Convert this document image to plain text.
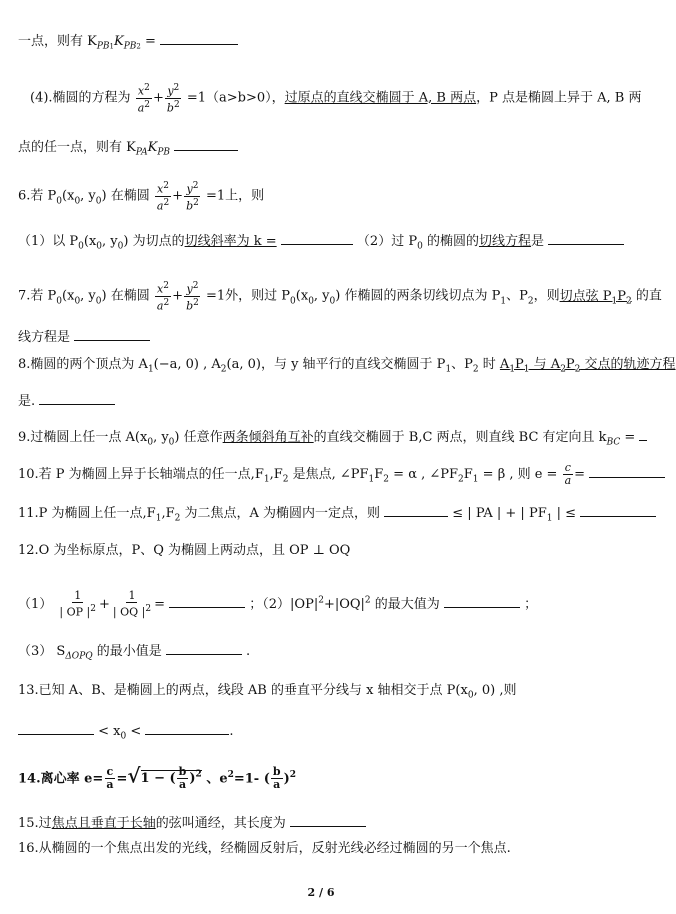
一点，则有 $K_{PB1}K_{PB2}$ =
(4).椭圆的方程为 $\frac{x^2}{a^2} + \frac{y^2}{b^2} =1(a>b>0)$，过原点的直线交椭圆于 A, B 两点，P 点是椭圆上异于 A, B 两
点的任一点，则有 $K_{PA}K_{PB}$
6.若 $P_0(x_0$, $y_0$) 在椭圆 $\frac{x^2}{a^2} + \frac{y^2}{b^2} =1$上，则
（1）以 $P_0(x_0$, $y_0$) 为切点的切线斜率为 k =	（2）过 $P_0$ 的椭圆的切线方程是
7.若 $P_0(x_0$, $y_0$) 在椭圆 $\frac{x^2}{a^2} + \frac{y^2}{b^2} =1$外，则过 $P_0(x_0$, $y_0$) 作椭圆的两条切线切点为 $P_1$、$P_2$，则切点弦 $P_1P_2$ 的直
线方程是
8.椭圆的两个顶点为 $A_1(-a$, 0) , $A_2(a$, 0)，与 y 轴平行的直线交椭圆于 $P_1$、$P_2$ 时 $A_1P_1$ 与 $A_2P_2$ 交点的轨迹方程
是.
9.过椭圆上任一点 $A(x_0$, $y_0$) 任意作两条倾斜角互补的直线交椭圆于 B,C 两点，则直线 BC 有定向且 $k_{BC}$ =
10.若 P 为椭圆上异于长轴端点的任一点$,F_1,F_2$ 是焦点, $\angle PF_1F_2 = \alpha$ , $\angle PF_2F_1 = \beta$ , 则 $e = \frac{c}{a}$ =
11.P 为椭圆上任一点$,F_1,F_2$ 为二焦点，A 为椭圆内一定点，则	≤ | PA | + | $PF_1$ | ≤
12.O 为坐标原点，P、Q 为椭圆上两动点，且 OP ⊥ OQ
$(1) \frac{1}{| OP |^2} + \frac{1}{| OQ |^2}$ =	；$(2)|OP|^2+|OQ|^2$ 的最大值为	；
（3） $S_{\Delta OPQ}$ 的最小值是	.
13.已知 A、B、是椭圆上的两点，线段 AB 的垂直平分线与 x 轴相交于点 $P(x_0$, 0) ,则
< $x_0$ <	.
14.离心率 $e= \frac{c}{a} =√1$ − ( $\frac{b}{a} )^2$ 、$e^2=1-$ ( $\frac{b}{a} )^2$
15.过焦点且垂直于长轴的弦叫通经，其长度为
16.从椭圆的一个焦点出发的光线，经椭圆反射后，反射光线必经过椭圆的另一个焦点.
2 / 6
